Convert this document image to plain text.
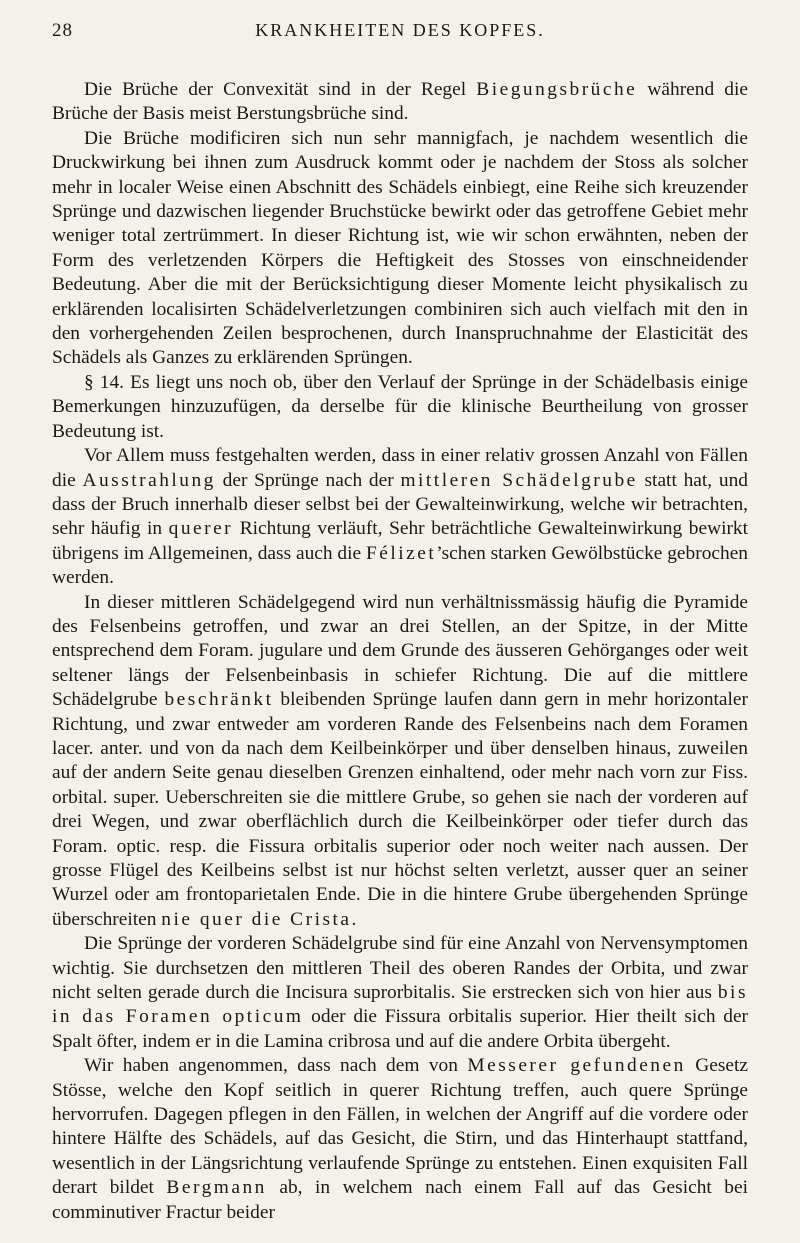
28	KRANKHEITEN DES KOPFES.

Die Brüche der Convexität sind in der Regel Biegungsbrüche während die Brüche der Basis meist Berstungsbrüche sind.

Die Brüche modificiren sich nun sehr mannigfach, je nachdem wesentlich die Druckwirkung bei ihnen zum Ausdruck kommt oder je nachdem der Stoss als solcher mehr in localer Weise einen Abschnitt des Schädels einbiegt, eine Reihe sich kreuzender Sprünge und dazwischen liegender Bruchstücke bewirkt oder das getroffene Gebiet mehr weniger total zertrümmert. In dieser Richtung ist, wie wir schon erwähnten, neben der Form des verletzenden Körpers die Heftigkeit des Stosses von einschneidender Bedeutung. Aber die mit der Berücksichtigung dieser Momente leicht physikalisch zu erklärenden localisirten Schädelverletzungen combiniren sich auch vielfach mit den in den vorhergehenden Zeilen besprochenen, durch Inanspruchnahme der Elasticität des Schädels als Ganzes zu erklärenden Sprüngen.

§ 14. Es liegt uns noch ob, über den Verlauf der Sprünge in der Schädelbasis einige Bemerkungen hinzuzufügen, da derselbe für die klinische Beurtheilung von grosser Bedeutung ist.

Vor Allem muss festgehalten werden, dass in einer relativ grossen Anzahl von Fällen die Ausstrahlung der Sprünge nach der mittleren Schädelgrube statt hat, und dass der Bruch innerhalb dieser selbst bei der Gewalteinwirkung, welche wir betrachten, sehr häufig in querer Richtung verläuft, Sehr beträchtliche Gewalteinwirkung bewirkt übrigens im Allgemeinen, dass auch die Félizet’schen starken Gewölbstücke gebrochen werden.

In dieser mittleren Schädelgegend wird nun verhältnissmässig häufig die Pyramide des Felsenbeins getroffen, und zwar an drei Stellen, an der Spitze, in der Mitte entsprechend dem Foram. jugulare und dem Grunde des äusseren Gehörganges oder weit seltener längs der Felsenbeinbasis in schiefer Richtung. Die auf die mittlere Schädelgrube beschränkt bleibenden Sprünge laufen dann gern in mehr horizontaler Richtung, und zwar entweder am vorderen Rande des Felsenbeins nach dem Foramen lacer. anter. und von da nach dem Keilbeinkörper und über denselben hinaus, zuweilen auf der andern Seite genau dieselben Grenzen einhaltend, oder mehr nach vorn zur Fiss. orbital. super. Ueberschreiten sie die mittlere Grube, so gehen sie nach der vorderen auf drei Wegen, und zwar oberflächlich durch die Keilbeinkörper oder tiefer durch das Foram. optic. resp. die Fissura orbitalis superior oder noch weiter nach aussen. Der grosse Flügel des Keilbeins selbst ist nur höchst selten verletzt, ausser quer an seiner Wurzel oder am frontoparietalen Ende. Die in die hintere Grube übergehenden Sprünge überschreiten nie quer die Crista.

Die Sprünge der vorderen Schädelgrube sind für eine Anzahl von Nervensymptomen wichtig. Sie durchsetzen den mittleren Theil des oberen Randes der Orbita, und zwar nicht selten gerade durch die Incisura suprorbitalis. Sie erstrecken sich von hier aus bis in das Foramen opticum oder die Fissura orbitalis superior. Hier theilt sich der Spalt öfter, indem er in die Lamina cribrosa und auf die andere Orbita übergeht.

Wir haben angenommen, dass nach dem von Messerer gefundenen Gesetz Stösse, welche den Kopf seitlich in querer Richtung treffen, auch quere Sprünge hervorrufen. Dagegen pflegen in den Fällen, in welchen der Angriff auf die vordere oder hintere Hälfte des Schädels, auf das Gesicht, die Stirn, und das Hinterhaupt stattfand, wesentlich in der Längsrichtung verlaufende Sprünge zu entstehen. Einen exquisiten Fall derart bildet Bergmann ab, in welchem nach einem Fall auf das Gesicht bei comminutiver Fractur beider
